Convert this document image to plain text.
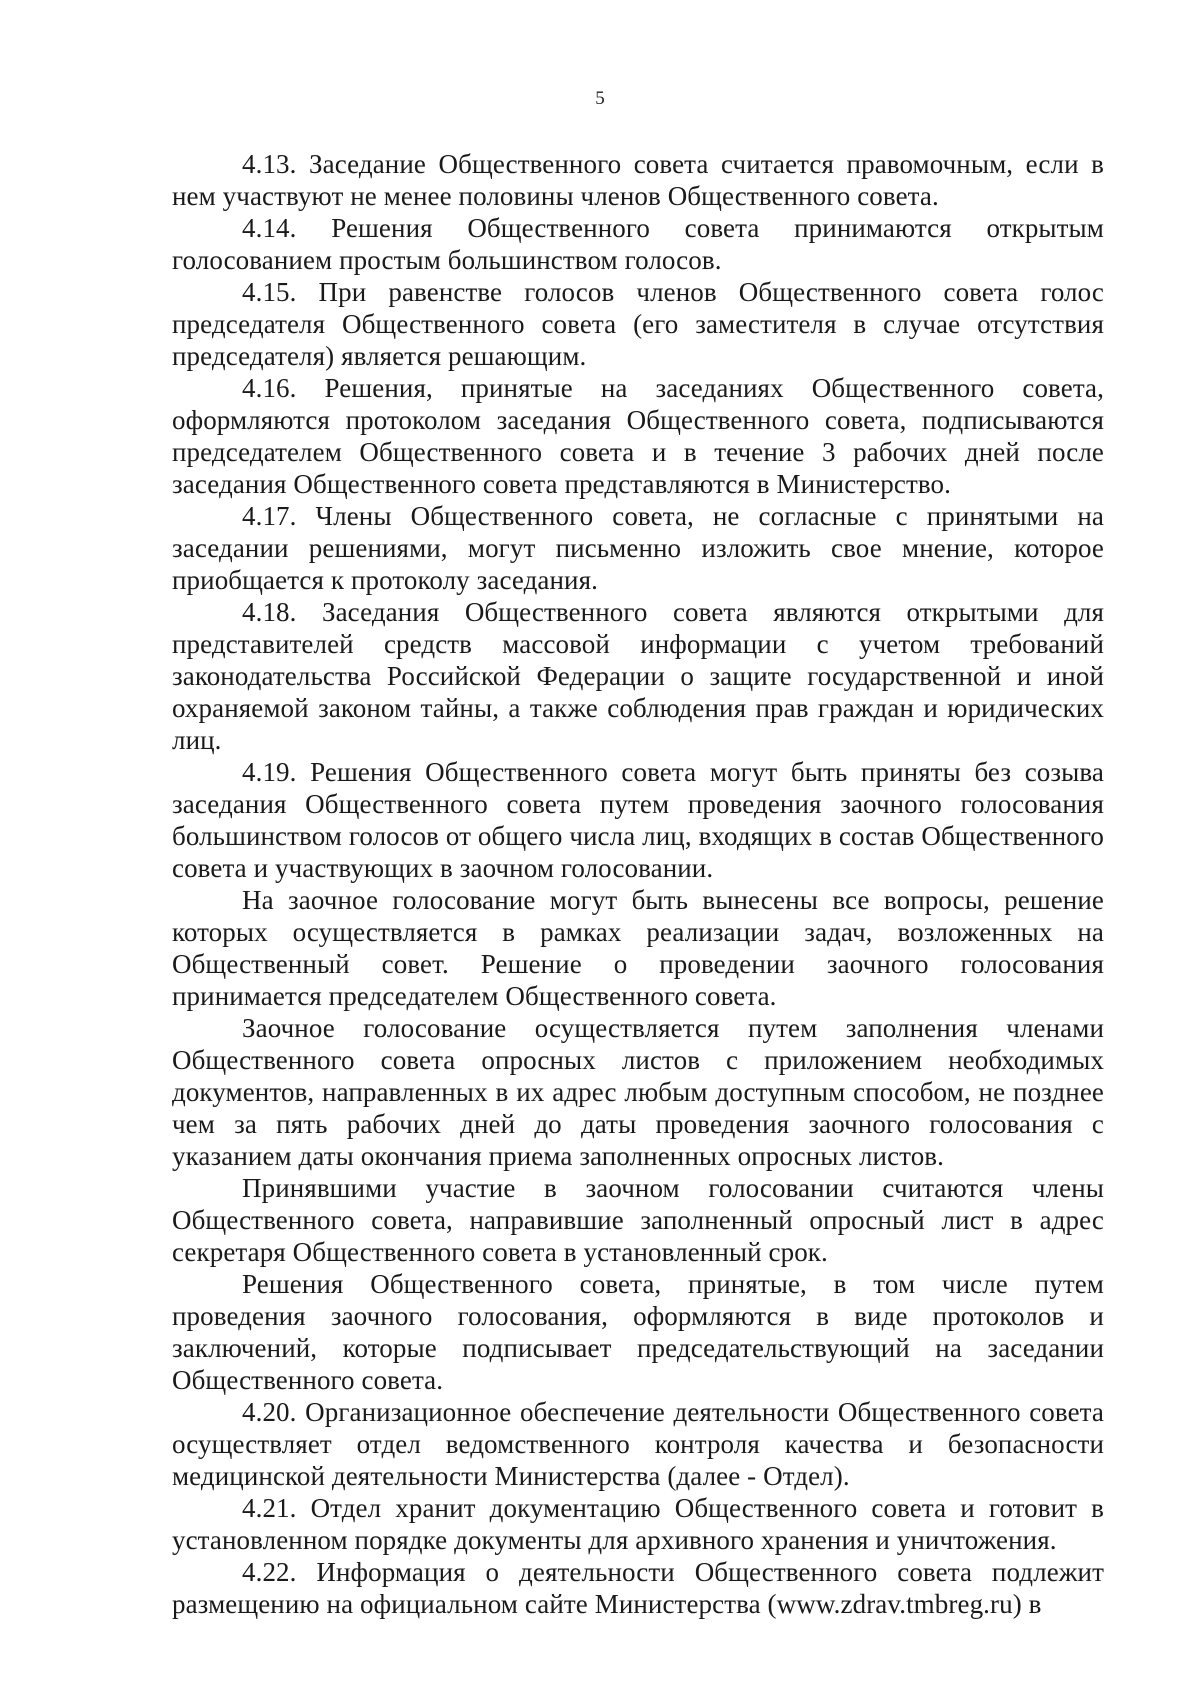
5

4.13. Заседание Общественного совета считается правомочным, если в нем участвуют не менее половины членов Общественного совета.

4.14. Решения Общественного совета принимаются открытым голосованием простым большинством голосов.

4.15. При равенстве голосов членов Общественного совета голос председателя Общественного совета (его заместителя в случае отсутствия председателя) является решающим.

4.16. Решения, принятые на заседаниях Общественного совета, оформляются протоколом заседания Общественного совета, подписываются председателем Общественного совета и в течение 3 рабочих дней после заседания Общественного совета представляются в Министерство.

4.17. Члены Общественного совета, не согласные с принятыми на заседании решениями, могут письменно изложить свое мнение, которое приобщается к протоколу заседания.

4.18. Заседания Общественного совета являются открытыми для представителей средств массовой информации с учетом требований законодательства Российской Федерации о защите государственной и иной охраняемой законом тайны, а также соблюдения прав граждан и юридических лиц.

4.19. Решения Общественного совета могут быть приняты без созыва заседания Общественного совета путем проведения заочного голосования большинством голосов от общего числа лиц, входящих в состав Общественного совета и участвующих в заочном голосовании.

На заочное голосование могут быть вынесены все вопросы, решение которых осуществляется в рамках реализации задач, возложенных на Общественный совет. Решение о проведении заочного голосования принимается председателем Общественного совета.

Заочное голосование осуществляется путем заполнения членами Общественного совета опросных листов с приложением необходимых документов, направленных в их адрес любым доступным способом, не позднее чем за пять рабочих дней до даты проведения заочного голосования с указанием даты окончания приема заполненных опросных листов.

Принявшими участие в заочном голосовании считаются члены Общественного совета, направившие заполненный опросный лист в адрес секретаря Общественного совета в установленный срок.

Решения Общественного совета, принятые, в том числе путем проведения заочного голосования, оформляются в виде протоколов и заключений, которые подписывает председательствующий на заседании Общественного совета.

4.20. Организационное обеспечение деятельности Общественного совета осуществляет отдел ведомственного контроля качества и безопасности медицинской деятельности Министерства (далее - Отдел).

4.21. Отдел хранит документацию Общественного совета и готовит в установленном порядке документы для архивного хранения и уничтожения.

4.22. Информация о деятельности Общественного совета подлежит размещению на официальном сайте Министерства (www.zdrav.tmbreg.ru) в
